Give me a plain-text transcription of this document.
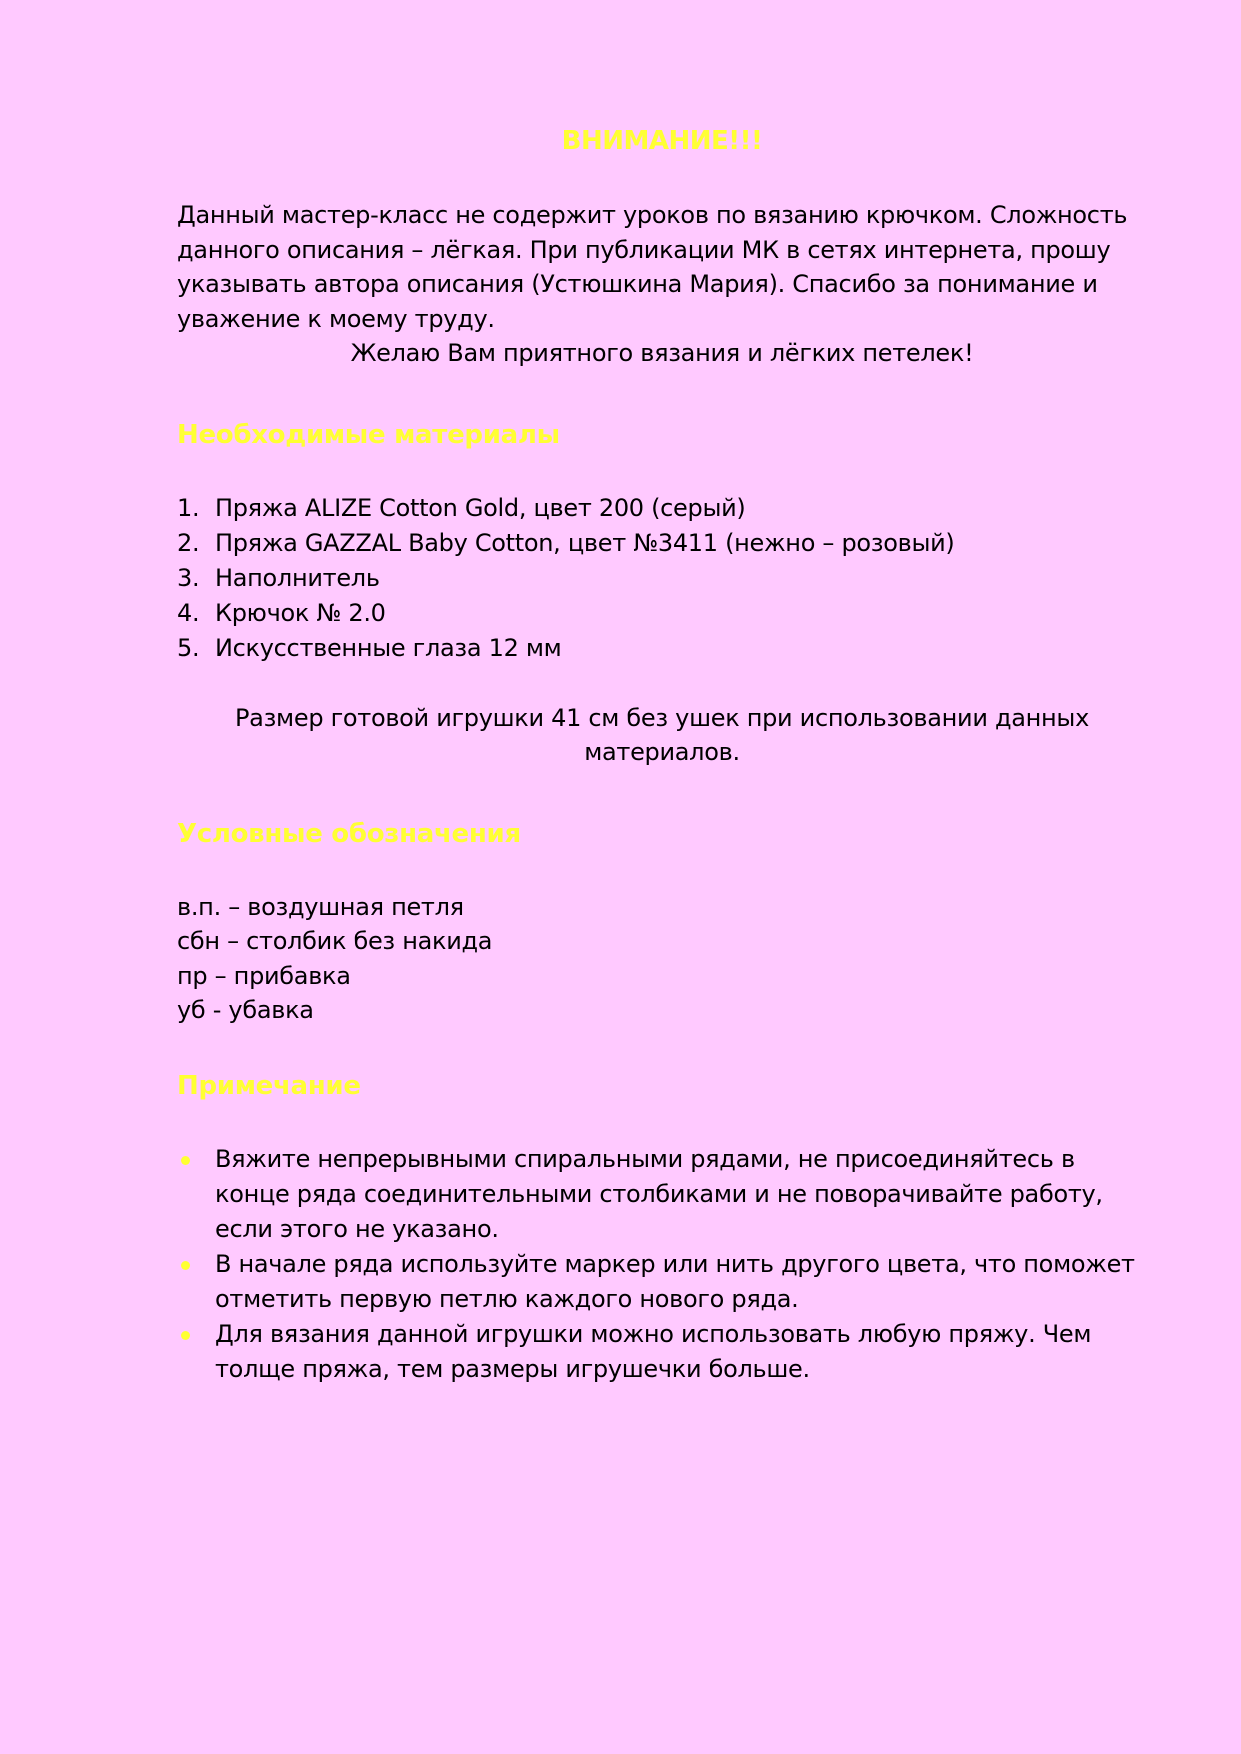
ВНИМАНИЕ!!!

Данный мастер-класс не содержит уроков по вязанию крючком. Сложность данного описания – лёгкая. При публикации МК в сетях интернета, прошу указывать автора описания (Устюшкина Мария). Спасибо за понимание и уважение к моему труду.

Желаю Вам приятного вязания и лёгких петелек!

Необходимые материалы
1. Пряжа ALIZE Cotton Gold, цвет 200 (серый)
2. Пряжа GAZZAL Baby Cotton, цвет №3411 (нежно – розовый)
3. Наполнитель
4. Крючок № 2.0
5. Искусственные глаза 12 мм

Размер готовой игрушки 41 см без ушек при использовании данных материалов.

Условные обозначения
в.п. – воздушная петля
сбн – столбик без накида
пр – прибавка
уб - убавка
Примечание
Вяжите непрерывными спиральными рядами, не присоединяйтесь в конце ряда соединительными столбиками и не поворачивайте работу, если этого не указано.
В начале ряда используйте маркер или нить другого цвета, что поможет отметить первую петлю каждого нового ряда.
Для вязания данной игрушки можно использовать любую пряжу. Чем толще пряжа, тем размеры игрушечки больше.
